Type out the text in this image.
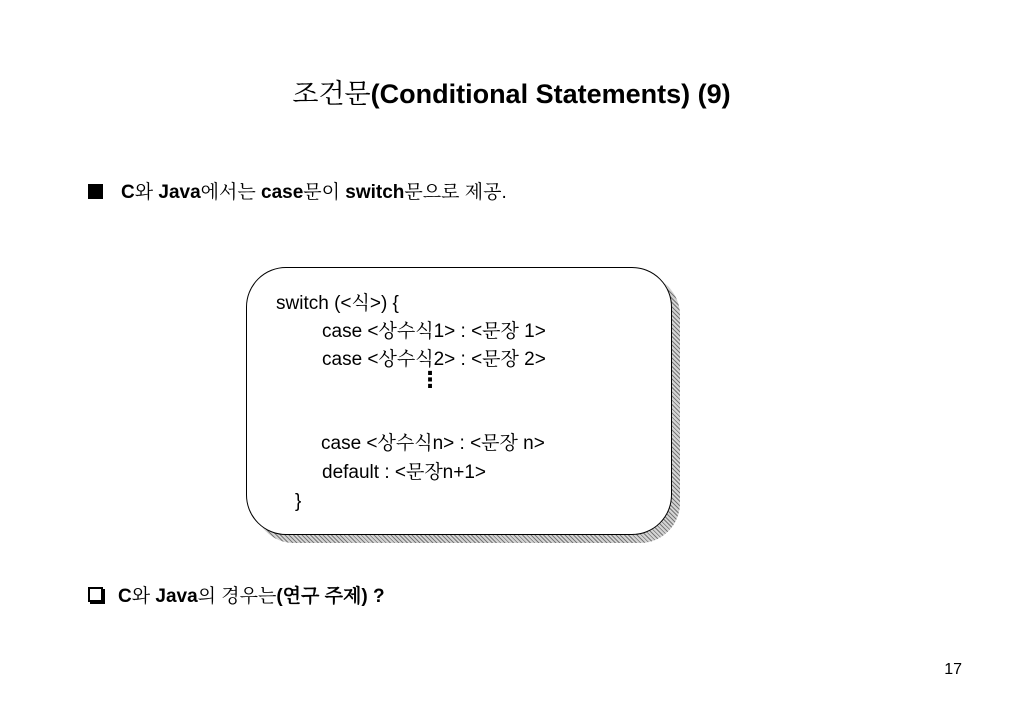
조건문(Conditional Statements) (9)
C와 Java에서는 case문이 switch문으로 제공.
switch (<식>) {
case <상수식1> : <문장 1>
case <상수식2> : <문장 2>
⋮
case <상수식n> : <문장 n>
default : <문장n+1>
}
C와 Java의 경우는(연구 주제) ?
17
